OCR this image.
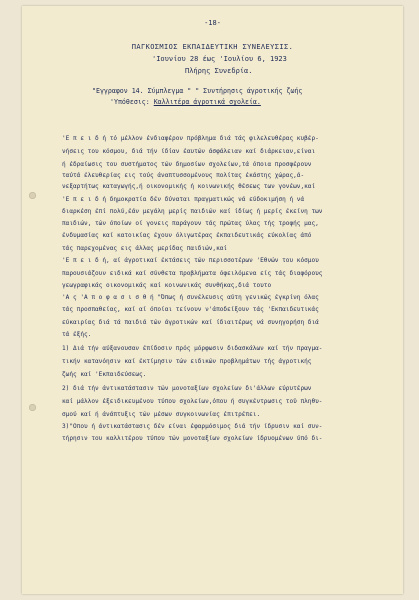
-18-
ΠΑΓΚΟΣΜΙΟΣ ΕΚΠΑΙΔΕΥΤΙΚΗ ΣΥΝΕΛΕΥΣΙΣ.
'Ιουνίου 28 έως 'Ιουλίου 6, 1923
Πλήρης Συνεδρία.
"Εγγραφον 14. Σύμπλεγμα " " Συντήρησις άγροτικής ζωής
'Υπόθεσις: Καλλιτέρα άγροτικά σχολεία.
'Ε π ε ι δ ή τό μέλλον ένδιαφέρον πρόβλημα διά τάς φιλελευθέρας κυβέρ-
νήσεις του κόσμου, διά τήν ίδίαν έαυτών άσφάλειαν καί διάρκειαν,είναι
ή έδραίωσις του συστήματος τών δημοσίων σχολείων,τά όποια προσφέρουν
ταύτά έλευθερίας εις τούς άναπτυσσομένους πολίτας έκάστης χώρας,ά-
νεξαρτήτως καταγωγής,ή οικονομικής ή κοινωνικής θέσεως των γονέων,καί
'Ε π ε ι δ ή δημοκρατία δέν δύναται πραγματικώς νά εύδοκιμήση ή νά
διαρκέση έπί πολύ,έάν μεγάλη μερίς παιδιών καί ίδίως ή μερίς έκείνη των
παιδιών, τών όποίων οί γονεις παράγουν τάς πρώτας ύλας τής τροφής μας,
ένδυμασίας καί κατοικίας έχουν όλιγωτέρας έκπαιδευτικάς εύκολίας άπό
τάς παρεχομένας εις άλλας μερίδας παιδιών,καί
'Ε π ε ι δ ή, αί άγροτικαί έκτάσεις τών περισσοτέρων 'Εθνών του κόσμου
παρουσιάζουν ειδικά καί σύνθετα προβλήματα όφειλόμενα είς τάς διαφόρους
γεωγραφικάς οικονομικάς καί κοινωνικάς συνθήκας,διά τουτο
'Α ς 'Α π ο φ α σ ι σ θ ή "Όπως ή συνέλευσις αύτη γενικώς έγκρίνη όλας
τάς προσπαθείας, καί αί όποίαι τείνουν ν'άποδείξουν τάς 'Εκπαιδευτικάς
εύκαιρίας διά τά παιδιά τών άγροτικών καί ίδιαιτέρως νά συνηγορήση διά
τά έξής.
1) Διά τήν αύξανουσαν έπίδοσιν πρός μόρφωσιν διδασκάλων καί τήν πραγμα-
τικήν κατανόησιν καί έκτίμησιν τών ειδικών προβλημάτων τής άγροτικής
ζωής καί 'Εκπαιδεύσεως.
2) διά τήν άντικατάστασιν τών μονοταξίων σχολείων δι'άλλων εύρυτέρων
καί μάλλον έξειδικευμένου τύπου σχολείων,όπου ή συγκέντρωσις τοϋ πληθυ-
σμού καί ή άνάπτυξις τών μέσων συγκοινωνίας έπιτρέπει.
3)"Οπου ή άντικατάστασις δέν είναι έφαρμόσιμος διά τήν ίδρυσιν καί συν-
τήρησιν του καλλιτέρου τύπου τών μονοταξίων σχολείων ίδρυομένων ύπό δι-
